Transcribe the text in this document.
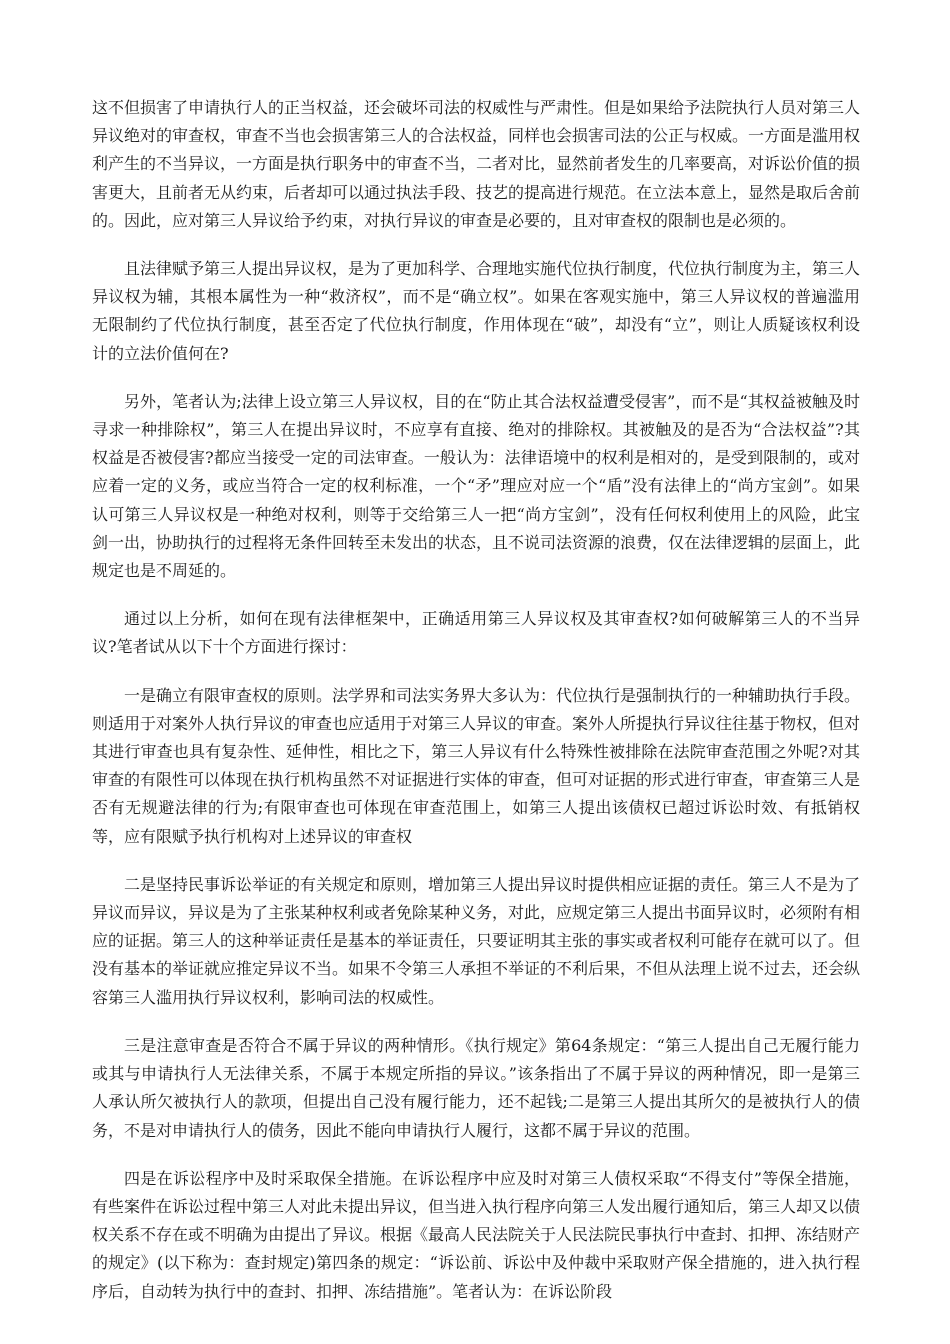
这不但损害了申请执行人的正当权益，还会破坏司法的权威性与严肃性。但是如果给予法院执行人员对第三人异议绝对的审查权，审查不当也会损害第三人的合法权益，同样也会损害司法的公正与权威。一方面是滥用权利产生的不当异议，一方面是执行职务中的审查不当，二者对比，显然前者发生的几率要高，对诉讼价值的损害更大，且前者无从约束，后者却可以通过执法手段、技艺的提高进行规范。在立法本意上，显然是取后舍前的。因此，应对第三人异议给予约束，对执行异议的审查是必要的，且对审查权的限制也是必须的。

且法律赋予第三人提出异议权，是为了更加科学、合理地实施代位执行制度，代位执行制度为主，第三人异议权为辅，其根本属性为一种“救济权”，而不是“确立权”。如果在客观实施中，第三人异议权的普遍滥用无限制约了代位执行制度，甚至否定了代位执行制度，作用体现在“破”，却没有“立”，则让人质疑该权利设计的立法价值何在?

另外，笔者认为;法律上设立第三人异议权，目的在“防止其合法权益遭受侵害”，而不是“其权益被触及时寻求一种排除权”，第三人在提出异议时，不应享有直接、绝对的排除权。其被触及的是否为“合法权益”?其权益是否被侵害?都应当接受一定的司法审查。一般认为：法律语境中的权利是相对的，是受到限制的，或对应着一定的义务，或应当符合一定的权利标准，一个“矛”理应对应一个“盾”没有法律上的“尚方宝剑”。如果认可第三人异议权是一种绝对权利，则等于交给第三人一把“尚方宝剑”，没有任何权利使用上的风险，此宝剑一出，协助执行的过程将无条件回转至未发出的状态，且不说司法资源的浪费，仅在法律逻辑的层面上，此规定也是不周延的。

通过以上分析，如何在现有法律框架中，正确适用第三人异议权及其审查权?如何破解第三人的不当异议?笔者试从以下十个方面进行探讨：

一是确立有限审查权的原则。法学界和司法实务界大多认为：代位执行是强制执行的一种辅助执行手段。则适用于对案外人执行异议的审查也应适用于对第三人异议的审查。案外人所提执行异议往往基于物权，但对其进行审查也具有复杂性、延伸性，相比之下，第三人异议有什么特殊性被排除在法院审查范围之外呢?对其审查的有限性可以体现在执行机构虽然不对证据进行实体的审查，但可对证据的形式进行审查，审查第三人是否有无规避法律的行为;有限审查也可体现在审查范围上，如第三人提出该债权已超过诉讼时效、有抵销权等，应有限赋予执行机构对上述异议的审查权

二是坚持民事诉讼举证的有关规定和原则，增加第三人提出异议时提供相应证据的责任。第三人不是为了异议而异议，异议是为了主张某种权利或者免除某种义务，对此，应规定第三人提出书面异议时，必须附有相应的证据。第三人的这种举证责任是基本的举证责任，只要证明其主张的事实或者权利可能存在就可以了。但没有基本的举证就应推定异议不当。如果不令第三人承担不举证的不利后果，不但从法理上说不过去，还会纵容第三人滥用执行异议权利，影响司法的权威性。

三是注意审查是否符合不属于异议的两种情形。《执行规定》第64条规定：“第三人提出自己无履行能力或其与申请执行人无法律关系，不属于本规定所指的异议。”该条指出了不属于异议的两种情况，即一是第三人承认所欠被执行人的款项，但提出自己没有履行能力，还不起钱;二是第三人提出其所欠的是被执行人的债务，不是对申请执行人的债务，因此不能向申请执行人履行，这都不属于异议的范围。

四是在诉讼程序中及时采取保全措施。在诉讼程序中应及时对第三人债权采取“不得支付”等保全措施，有些案件在诉讼过程中第三人对此未提出异议，但当进入执行程序向第三人发出履行通知后，第三人却又以债权关系不存在或不明确为由提出了异议。根据《最高人民法院关于人民法院民事执行中查封、扣押、冻结财产的规定》(以下称为：查封规定)第四条的规定：“诉讼前、诉讼中及仲裁中采取财产保全措施的，进入执行程序后，自动转为执行中的查封、扣押、冻结措施”。笔者认为：在诉讼阶段
